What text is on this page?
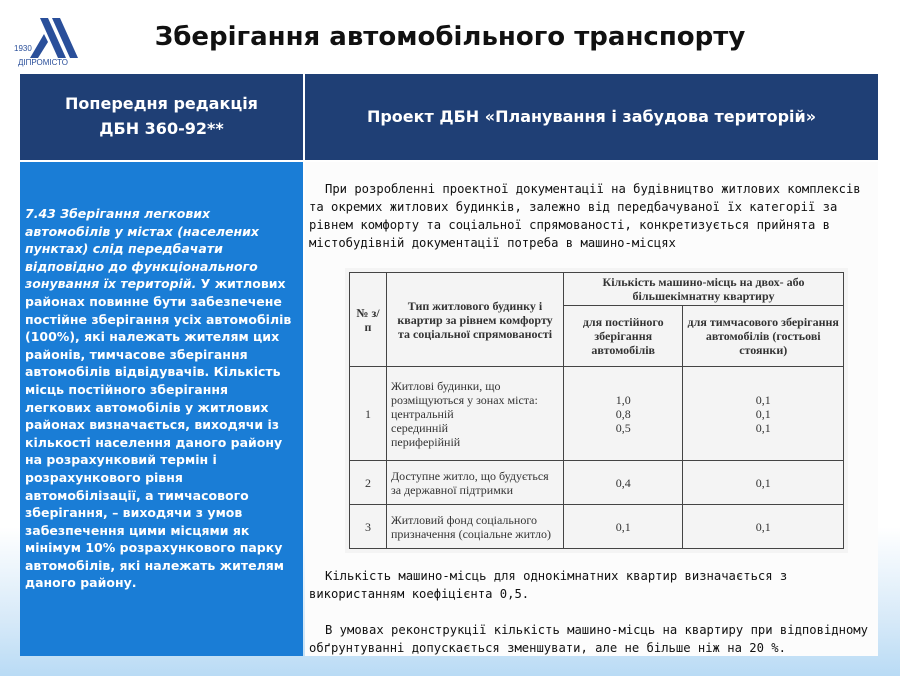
1930
ДІПРОМІСТО
Зберігання автомобільного транспорту
Попередня редакція
ДБН 360-92**
Проект ДБН «Планування і забудова територій»
7.43 Зберігання легкових автомобілів у містах (населених пунктах) слід передбачати відповідно до функціонального зонування їх територій. У житлових районах повинне бути забезпечене постійне зберігання усіх автомобілів (100%), які належать жителям цих районів, тимчасове зберігання автомобілів відвідувачів. Кількість місць постійного зберігання легкових автомобілів у житлових районах визначається, виходячи із кількості населення даного району на розрахунковий термін і розрахункового рівня автомобілізації, а тимчасового зберігання, – виходячи з умов забезпечення цими місцями як мінімум 10% розрахункового парку автомобілів, які належать жителям даного району.

При розробленні проектної документації на будівництво житлових комплексів та окремих житлових будинків, залежно від передбачуваної їх категорії за рівнем комфорту та соціальної спрямованості, конкретизується прийнята в містобудівній документації потреба в машино-місцях

№ з/п	Тип житлового будинку і квартир за рівнем комфорту та соціальної спрямованості	Кількість машино-місць на двох- або більшекімнатну квартиру	
		для постійного зберігання автомобілів	для тимчасового зберігання автомобілів (гостьові стоянки)
1	Житлові будинки, що розміщуються у зонах міста:
центральній
серединній
периферійній	1,0
0,8
0,5	0,1
0,1
0,1
2	Доступне житло, що будується за державної підтримки	0,4	0,1
3	Житловий фонд соціального призначення (соціальне житло)	0,1	0,1

Кількість машино-місць для однокімнатних квартир визначається з використанням коефіцієнта 0,5.

В умовах реконструкції кількість машино-місць на квартиру при відповідному обґрунтуванні допускається зменшувати, але не більше ніж на 20 %.
